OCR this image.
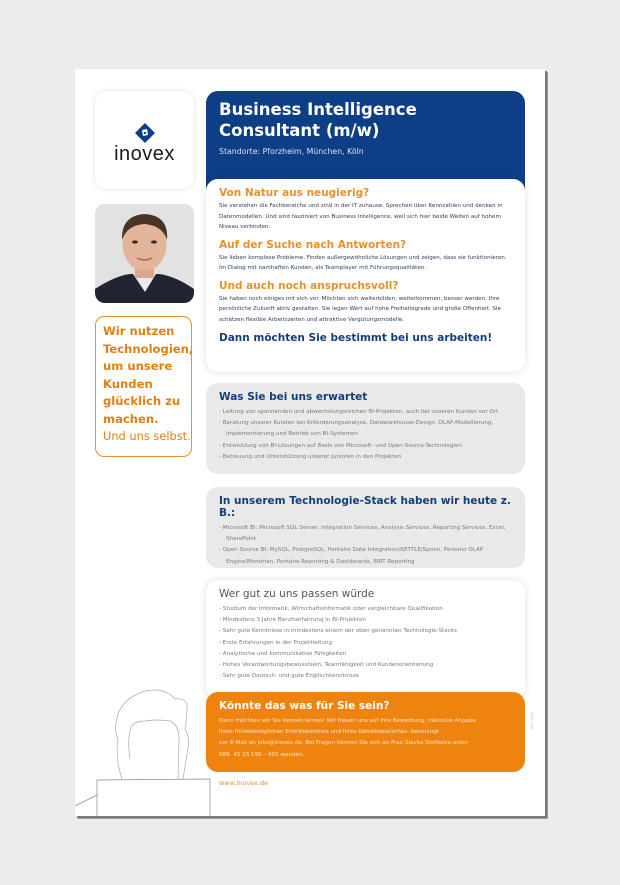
inovex
Wir nutzen
Technologien,
um unsere
Kunden
glücklich zu
machen.
Und uns selbst.
Business Intelligence
Consultant (m/w)
Standorte: Pforzheim, München, Köln
Von Natur aus neugierig?

Sie verstehen die Fachbereiche und sind in der IT zuhause. Sprechen über Kennzahlen und denken in Datenmodellen. Und sind fasziniert von Business Intelligence, weil sich hier beide Welten auf hohem Niveau verbinden.

Auf der Suche nach Antworten?

Sie lieben komplexe Probleme. Finden außergewöhnliche Lösungen und zeigen, dass sie funktionieren. Im Dialog mit namhaften Kunden, als Teamplayer mit Führungsqualitäten.

Und auch noch anspruchsvoll?

Sie haben noch einiges mit sich vor. Möchten sich weiterbilden, weiterkommen, besser werden. Ihre persönliche Zukunft aktiv gestalten. Sie legen Wert auf hohe Freiheitsgrade und große Offenheit. Sie schätzen flexible Arbeitszeiten und attraktive Vergütungsmodelle.

Dann möchten Sie bestimmt bei uns arbeiten!
Was Sie bei uns erwartet
- Leitung von spannenden und abwechslungsreichen BI-Projekten, auch bei unseren Kunden vor Ort
- Beratung unserer Kunden bei Anforderungsanalyse, Datawarehouse-Design, OLAP-Modellierung, Implementierung und Betrieb von BI-Systemen
- Entwicklung von BI-Lösungen auf Basis von Microsoft- und Open-Source-Technologien
- Betreuung und Unterstützung unserer Junioren in den Projekten
In unserem Technologie-Stack haben wir heute z. B.:
- Microsoft BI: Microsoft SQL Server, Integration Services, Analysis Services, Reporting Services, Excel, SharePoint
- Open Source BI: MySQL, PostgreSQL, Pentaho Data Integration/KETTLE/Spoon, Pentaho OLAP Engine/Mondrian, Pentaho Reporting & Dashboards, BIRT Reporting
Wer gut zu uns passen würde
- Studium der Informatik, Wirtschaftsinformatik oder vergleichbare Qualifikation
- Mindestens 3 Jahre Berufserfahrung in BI-Projekten
- Sehr gute Kenntnisse in mindestens einem der oben genannten Technologie-Stacks
- Erste Erfahrungen in der Projektleitung
- Analytische und kommunikative Fähigkeiten
- Hohes Verantwortungsbewusstsein, Teamfähigkeit und Kundenorientierung
- Sehr gute Deutsch- und gute Englischkenntnisse
Könnte das was für Sie sein?

Dann möchten wir Sie kennen lernen! Wir freuen uns auf Ihre Bewerbung, inklusive Angabe
Ihres frühestmöglichen Eintrittstermins und Ihres Gehaltswunsches, bevorzugt
per E-Mail an jobs@inovex.de. Bei Fragen können Sie sich an Frau Slavka Stofikova unter
089. 45 15 195 – 401 wenden.

www.inovex.de
INO_1113
